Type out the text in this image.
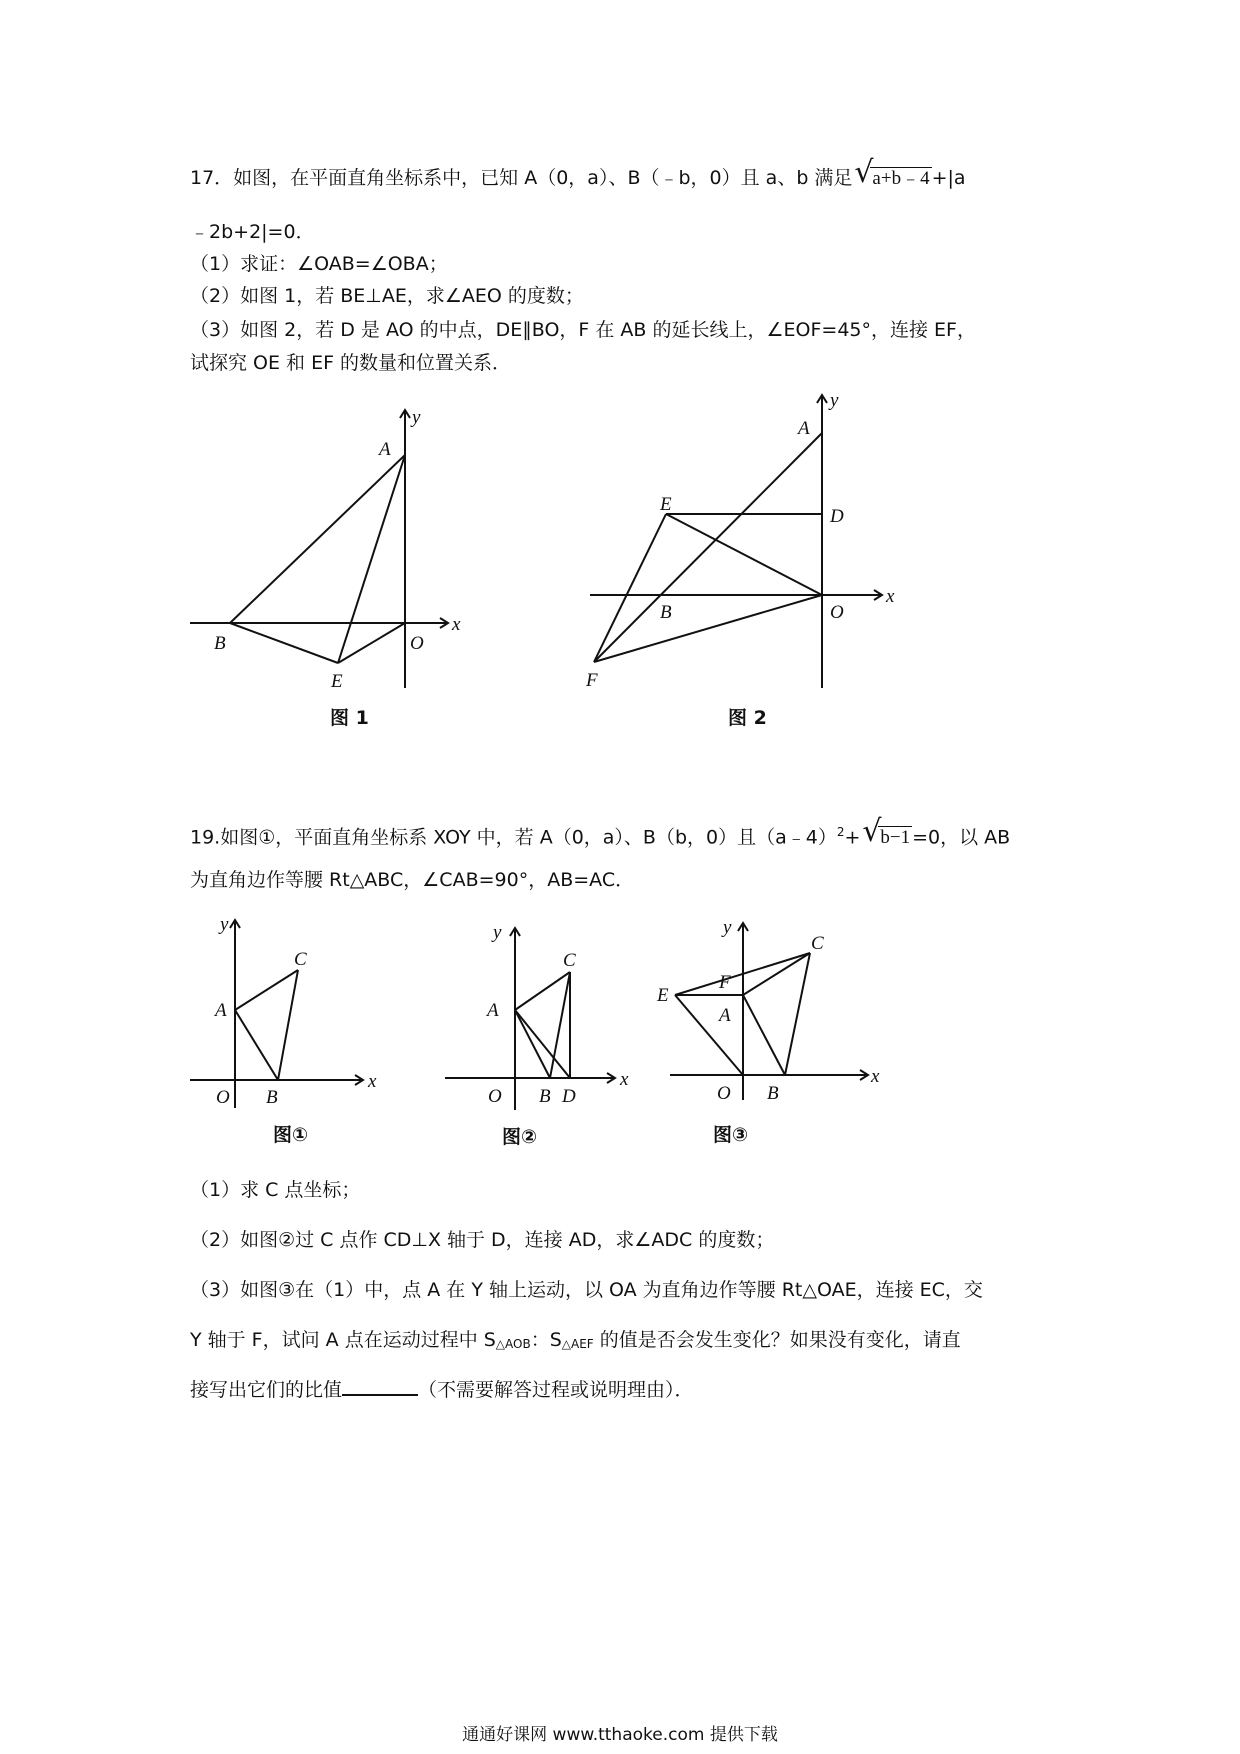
17．如图，在平面直角坐标系中，已知 A（0，a）、B（﹣b，0）且 a、b 满足 √
a+b﹣4 +|a
﹣2b+2|=0．
（1）求证：∠OAB=∠OBA；
（2）如图 1，若 BE⊥AE，求∠AEO 的度数；
（3）如图 2，若 D 是 AO 的中点，DE∥BO，F 在 AB 的延长线上，∠EOF=45°，连接 EF，
试探究 OE 和 EF 的数量和位置关系．
A
y
x
B	O
E
图 1
A
y
x
E
D
B	O
F
图 2
19.如图①，平面直角坐标系 XOY 中，若 A（0，a）、B（b，0）且（a﹣4）$^2$+ √
b−1 =0，以 AB
为直角边作等腰 Rt△ABC，∠CAB=90°，AB=AC．
y
x
A
C
O B
图①
y
x
A
C
O B D
图②
y
x
C
F
E
A
O B
图③
（1）求 C 点坐标；
（2）如图②过 C 点作 CD⊥X 轴于 D，连接 AD，求∠ADC 的度数；
（3）如图③在（1）中，点 A 在 Y 轴上运动，以 OA 为直角边作等腰 Rt△OAE，连接 EC，交
Y 轴于 F，试问 A 点在运动过程中 $S_{\triangle AOB}$：$S_{\triangle AEF}$ 的值是否会发生变化？如果没有变化，请直
接写出它们的比值	（不需要解答过程或说明理由）．
通通好课网 www.tthaoke.com 提供下载
